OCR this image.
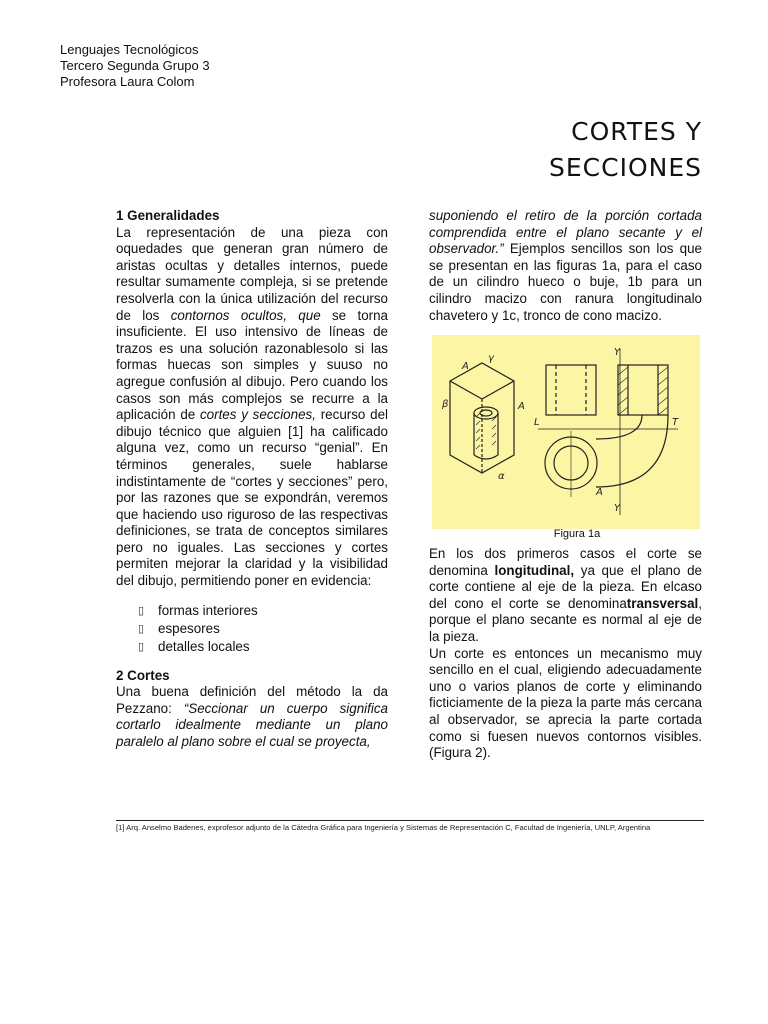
Lenguajes Tecnológicos
Tercero Segunda Grupo 3
Profesora Laura Colom
CORTES Y
SECCIONES
1 Generalidades

La representación de una pieza con oquedades que generan gran número de aristas ocultas y detalles internos, puede resultar sumamente compleja, si se pretende resolverla con la única utilización del recurso de los contornos ocultos, que se torna insuficiente. El uso intensivo de líneas de trazos es una solución razonablesolo si las formas huecas son simples y suuso no agregue confusión al dibujo. Pero cuando los casos son más complejos se recurre a la aplicación de cortes y secciones, recurso del dibujo técnico que alguien [1] ha calificado alguna vez, como un recurso “genial”. En términos generales, suele hablarse indistintamente de “cortes y secciones” pero, por las razones que se expondrán, veremos que haciendo uso riguroso de las respectivas definiciones, se trata de conceptos similares pero no iguales. Las secciones y cortes permiten mejorar la claridad y la visibilidad del dibujo, permitiendo poner en evidencia:

▯ formas interiores
▯ espesores
▯ detalles locales
2 Cortes

Una buena definición del método la da Pezzano: “Seccionar un cuerpo significa cortarlo idealmente mediante un plano paralelo al plano sobre el cual se proyecta,

suponiendo el retiro de la porción cortada comprendida entre el plano secante y el observador.” Ejemplos sencillos son los que se presentan en las figuras 1a, para el caso de un cilindro hueco o buje, 1b para un cilindro macizo con ranura longitudinalo chavetero y 1c, tronco de cono macizo.

A
γ
β	A
α
L	T
Y
Y
A
Figura 1a

En los dos primeros casos el corte se denomina longitudinal, ya que el plano de corte contiene al eje de la pieza. En elcaso del cono el corte se denominatransversal, porque el plano secante es normal al eje de la pieza.

Un corte es entonces un mecanismo muy sencillo en el cual, eligiendo adecuadamente uno o varios planos de corte y eliminando ficticiamente de la pieza la parte más cercana al observador, se aprecia la parte cortada como si fuesen nuevos contornos visibles. (Figura 2).

[1] Arq. Anselmo Badenes, exprofesor adjunto de la Cátedra Gráfica para Ingeniería y Sistemas de Representación C, Facultad de Ingeniería, UNLP, Argentina
